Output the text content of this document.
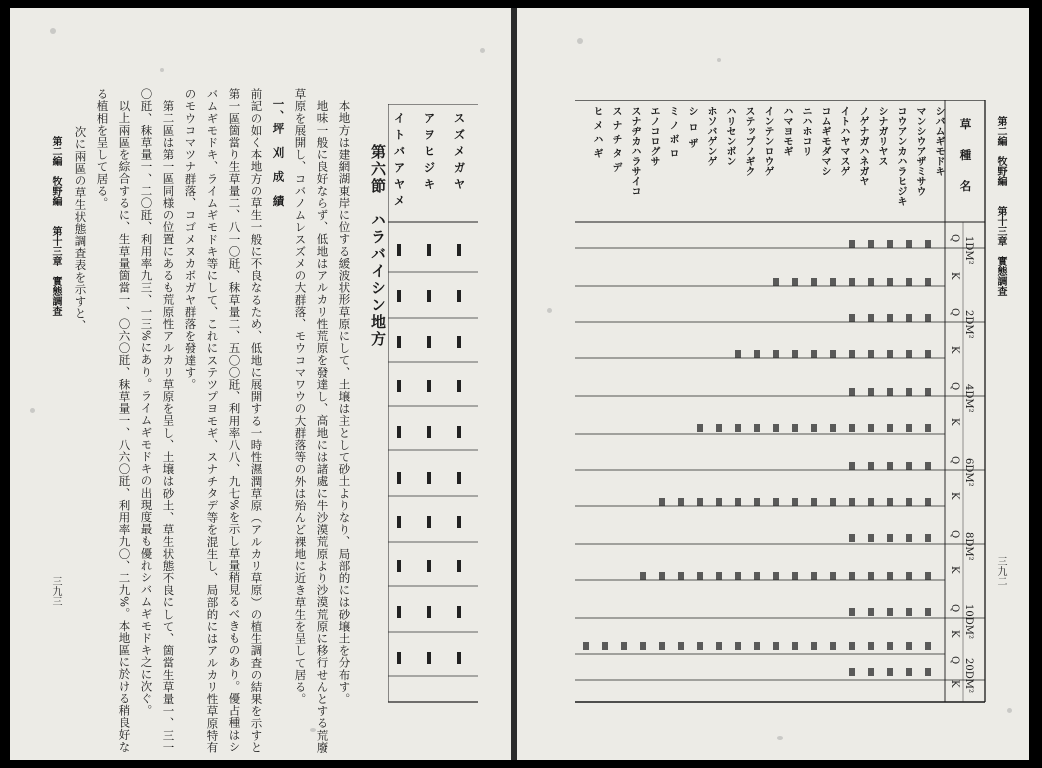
第六節　ハラバイシン地方
本地方は建網湖東岸に位する緩波状形草原にして、土壌は主として砂土よりなり、局部的には砂壌土を分布す。
地味一般に良好ならず、低地はアルカリ性荒原を發達し、高地には諸處に牛沙漠荒原より沙漠荒原に移行せんとする荒廢
草原を展開し、コバノムレスズメの大群落、モウコマワウの大群落等の外は殆んど裸地に近き草生を呈して居る。
一、坪　刈　成　績
前記の如く本地方の草生一般に不良なるため、低地に展開する一時性濕潤草原（アルカリ草原）の植生調査の結果を示すと
第一區箇當り生草量二、八一〇瓩、秣草量二、五〇〇瓩、利用率八八、九七%を示し草量稍見るべきものあり。優占種はシ
バムギモドキ、ライムギモドキ等にして、これにステツプヨモギ、スナチタデ等を混生し、局部的にはアルカリ性草原特有
のモウコマツナ群落、コゴメヌカボガヤ群落を發達す。
第二區は第一區同様の位置にあるも荒原性アルカリ草原を呈し、土壌は砂土、草生状態不良にして、箇當生草量一、三一
〇瓩、秣草量一、二〇瓩、利用率九三、一三%にあり。ライムギモドキの出現度最も優れシバムギモドキ之に次ぐ。
以上兩區を綜合するに、生草量箇當一、〇六〇瓩、秣草量一、八六〇瓩、利用率九〇、二九%。本地區に於ける稍良好な
る植相を呈して居る。
次に兩區の草生状態調査表を示すと、
第二編　牧野編　　第十三章　實態調査
三九三
スズメガヤ
アヲヒジキ
イトバアヤメ	第二編　牧野編　　第十三章　實態調査
三九二
草　種　名
1DM²
2DM²
4DM²
6DM²
8DM²
10DM²
20DM²
Q
K
Q
K
Q
K
Q
K
Q
K
Q
K
Q
K
シバムギモドキ
マンシウアザミサウ
コウアンカハラヒジキ
シナガリヤス
ノゲナガハネガヤ
イトハヤマスゲ
コムギモダマシ
ニハホコリ
ハマヨモギ
インテンロウゲ
ステップノギク
ハリセンボン
ホソバゲンゲ
シロザ
ミノボロ
エノコログサ
スナヂカハラサイコ
スナチタデ
ヒメハギ
